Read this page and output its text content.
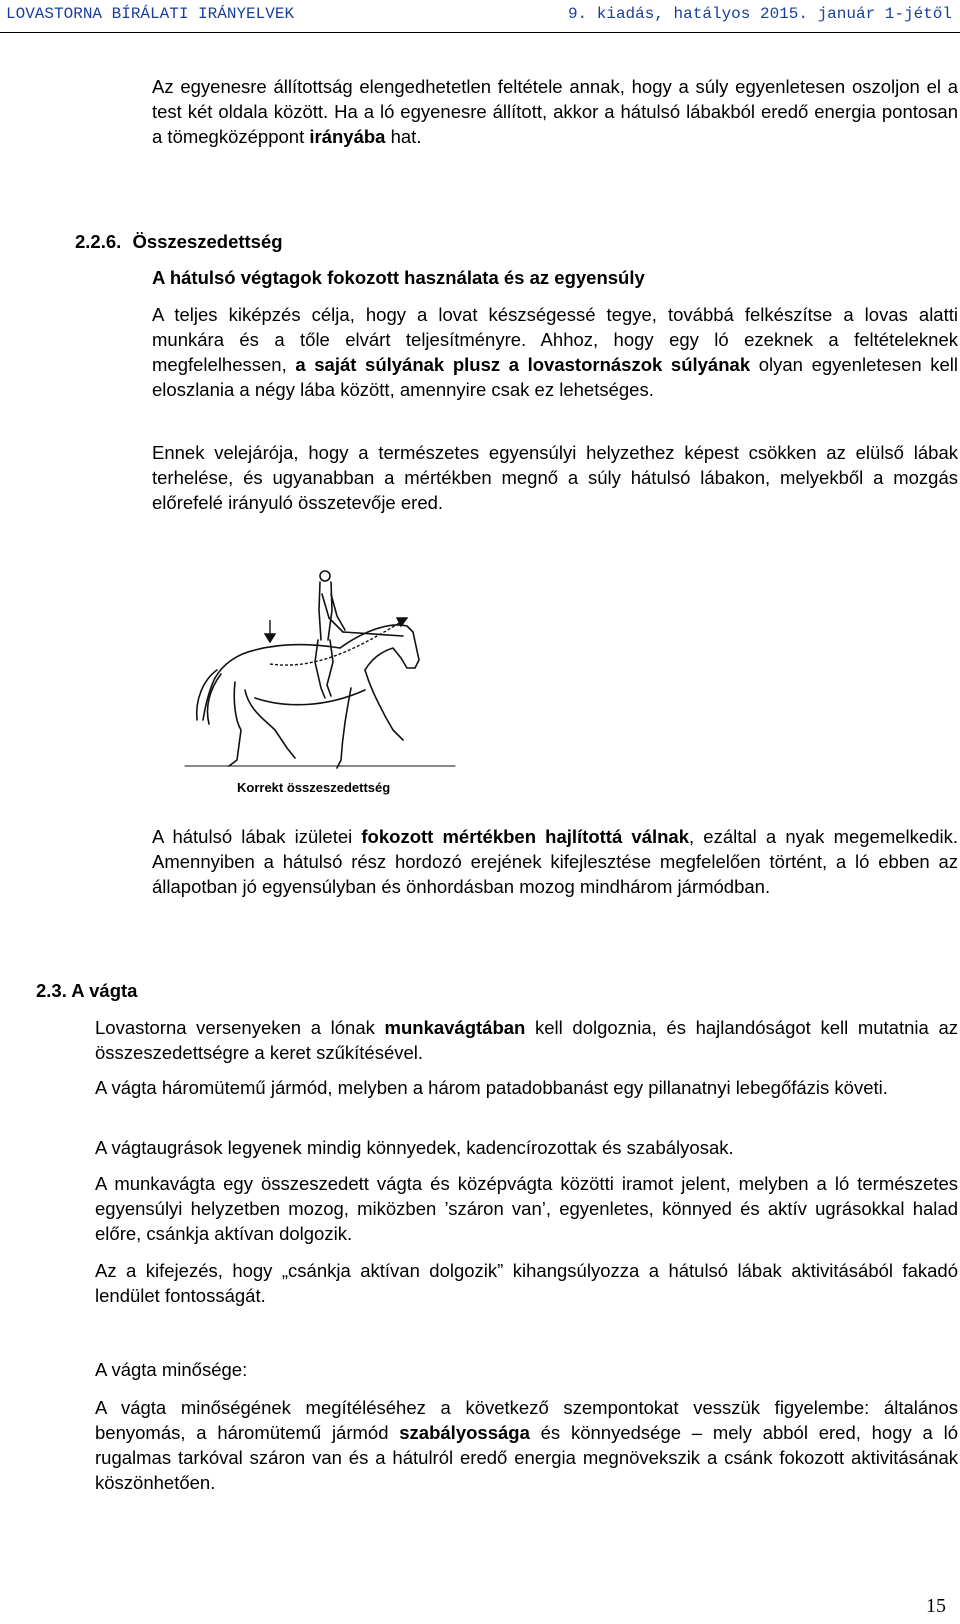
LOVASTORNA BÍRÁLATI IRÁNYELVEK	9. kiadás, hatályos 2015. január 1-jétől

Az egyenesre állítottság elengedhetetlen feltétele annak, hogy a súly egyenletesen oszoljon el a test két oldala között. Ha a ló egyenesre állított, akkor a hátulsó lábakból eredő energia pontosan a tömegközéppont irányába hat.

2.2.6. Összeszedettség
A hátulsó végtagok fokozott használata és az egyensúly

A teljes kiképzés célja, hogy a lovat készségessé tegye, továbbá felkészítse a lovas alatti munkára és a tőle elvárt teljesítményre. Ahhoz, hogy egy ló ezeknek a feltételeknek megfelelhessen, a saját súlyának plusz a lovastornászok súlyának olyan egyenletesen kell eloszlania a négy lába között, amennyire csak ez lehetséges.

Ennek velejárója, hogy a természetes egyensúlyi helyzethez képest csökken az elülső lábak terhelése, és ugyanabban a mértékben megnő a súly hátulsó lábakon, melyekből a mozgás előrefelé irányuló összetevője ered.

Korrekt összeszedettség

A hátulsó lábak izületei fokozott mértékben hajlítottá válnak, ezáltal a nyak megemelkedik. Amennyiben a hátulsó rész hordozó erejének kifejlesztése megfelelően történt, a ló ebben az állapotban jó egyensúlyban és önhordásban mozog mindhárom jármódban.

2.3. A vágta

Lovastorna versenyeken a lónak munkavágtában kell dolgoznia, és hajlandóságot kell mutatnia az összeszedettségre a keret szűkítésével.

A vágta háromütemű jármód, melyben a három patadobbanást egy pillanatnyi lebegőfázis követi.

A vágtaugrások legyenek mindig könnyedek, kadencírozottak és szabályosak.

A munkavágta egy összeszedett vágta és középvágta közötti iramot jelent, melyben a ló természetes egyensúlyi helyzetben mozog, miközben ’száron van’, egyenletes, könnyed és aktív ugrásokkal halad előre, csánkja aktívan dolgozik.

Az a kifejezés, hogy „csánkja aktívan dolgozik” kihangsúlyozza a hátulsó lábak aktivitásából fakadó lendület fontosságát.

A vágta minősége:

A vágta minőségének megítéléséhez a következő szempontokat vesszük figyelembe: általános benyomás, a háromütemű jármód szabályossága és könnyedsége – mely abból ered, hogy a ló rugalmas tarkóval száron van és a hátulról eredő energia megnövekszik a csánk fokozott aktivitásának köszönhetően.

15
